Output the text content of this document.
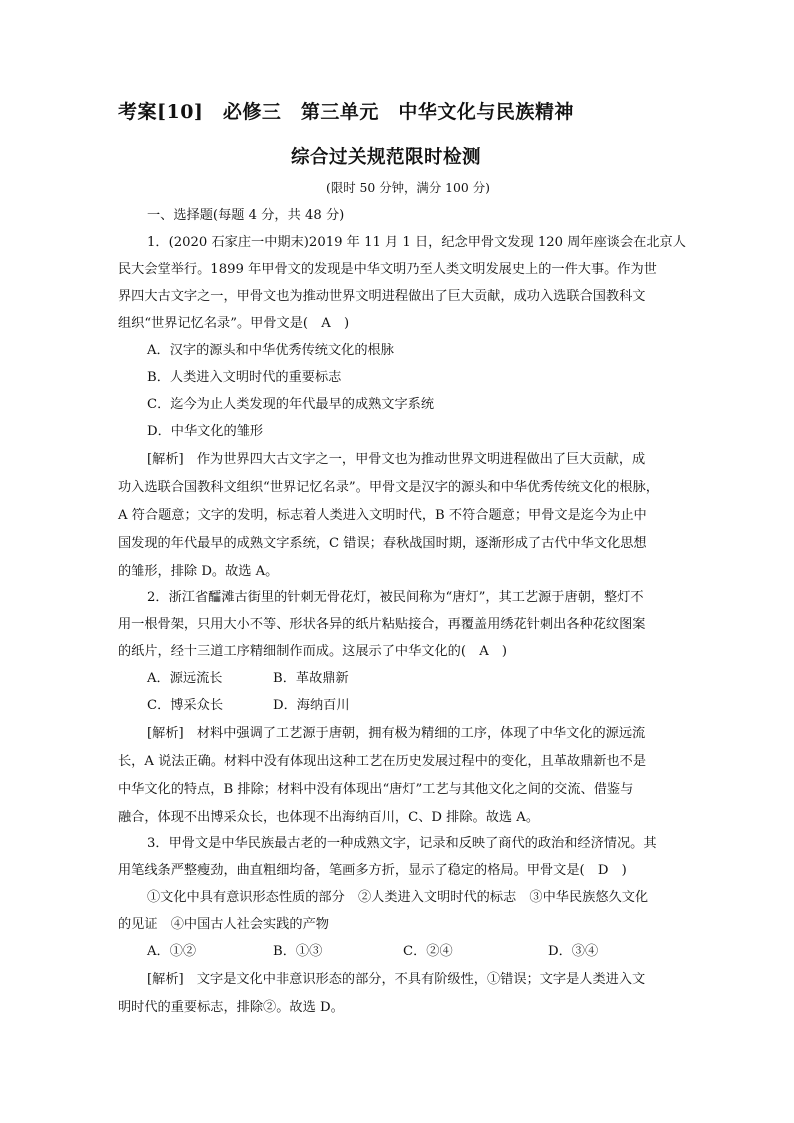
考案[10]　必修三　第三单元　中华文化与民族精神
综合过关规范限时检测
(限时 50 分钟，满分 100 分)
一、选择题(每题 4 分，共 48 分)
1．(2020 石家庄一中期末)2019 年 11 月 1 日，纪念甲骨文发现 120 周年座谈会在北京人
民大会堂举行。1899 年甲骨文的发现是中华文明乃至人类文明发展史上的一件大事。作为世
界四大古文字之一，甲骨文也为推动世界文明进程做出了巨大贡献，成功入选联合国教科文
组织“世界记忆名录”。甲骨文是(　A　)
A．汉字的源头和中华优秀传统文化的根脉
B．人类进入文明时代的重要标志
C．迄今为止人类发现的年代最早的成熟文字系统
D．中华文化的雏形
[解析]　作为世界四大古文字之一，甲骨文也为推动世界文明进程做出了巨大贡献，成
功入选联合国教科文组织“世界记忆名录”。甲骨文是汉字的源头和中华优秀传统文化的根脉，
A 符合题意；文字的发明，标志着人类进入文明时代，B 不符合题意；甲骨文是迄今为止中
国发现的年代最早的成熟文字系统，C 错误；春秋战国时期，逐渐形成了古代中华文化思想
的雏形，排除 D。故选 A。
2．浙江省醽滩古街里的针刺无骨花灯，被民间称为“唐灯”，其工艺源于唐朝，整灯不
用一根骨架，只用大小不等、形状各异的纸片粘贴接合，再覆盖用绣花针刺出各种花纹图案
的纸片，经十三道工序精细制作而成。这展示了中华文化的(　A　)
A．源远流长	B．革故鼎新
C．博采众长	D．海纳百川
[解析]　材料中强调了工艺源于唐朝，拥有极为精细的工序，体现了中华文化的源远流
长，A 说法正确。材料中没有体现出这种工艺在历史发展过程中的变化，且革故鼎新也不是
中华文化的特点，B 排除；材料中没有体现出“唐灯”工艺与其他文化之间的交流、借鉴与
融合，体现不出博采众长，也体现不出海纳百川，C、D 排除。故选 A。
3．甲骨文是中华民族最古老的一种成熟文字，记录和反映了商代的政治和经济情况。其
用笔线条严整瘦劲，曲直粗细均备，笔画多方折，显示了稳定的格局。甲骨文是(　D　)
①文化中具有意识形态性质的部分　②人类进入文明时代的标志　③中华民族悠久文化
的见证　④中国古人社会实践的产物
A．①②	B．①③	C．②④	D．③④
[解析]　文字是文化中非意识形态的部分，不具有阶级性，①错误；文字是人类进入文
明时代的重要标志，排除②。故选 D。
